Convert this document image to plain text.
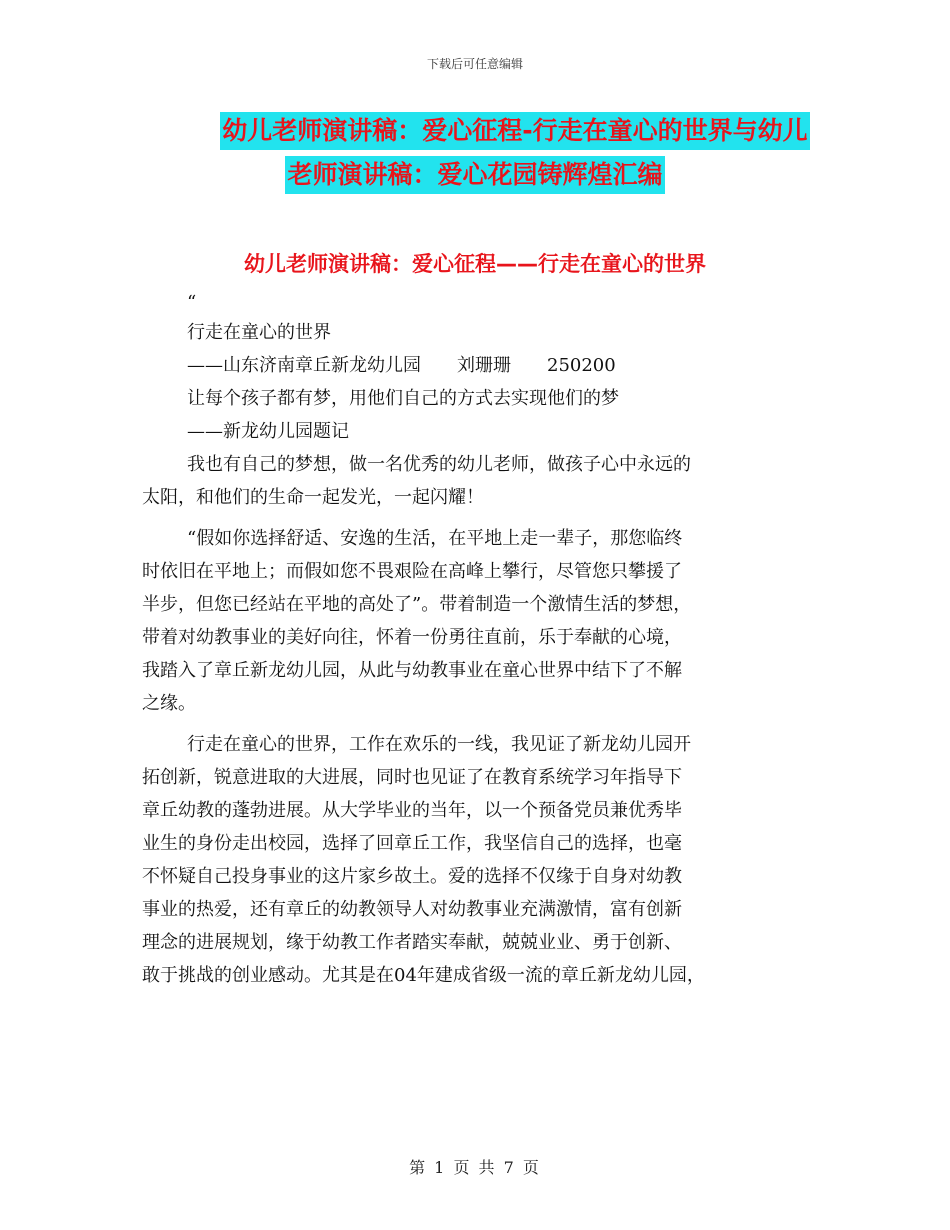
下载后可任意编辑
幼儿老师演讲稿：爱心征程-行走在童心的世界与幼儿
老师演讲稿：爱心花园铸辉煌汇编
幼儿老师演讲稿：爱心征程——行走在童心的世界
“
行走在童心的世界
——山东济南章丘新龙幼儿园　　刘珊珊　　250200
让每个孩子都有梦，用他们自己的方式去实现他们的梦
——新龙幼儿园题记
我也有自己的梦想，做一名优秀的幼儿老师，做孩子心中永远的
太阳，和他们的生命一起发光，一起闪耀！
“假如你选择舒适、安逸的生活，在平地上走一辈子，那您临终
时依旧在平地上；而假如您不畏艰险在高峰上攀行，尽管您只攀援了
半步，但您已经站在平地的高处了”。带着制造一个激情生活的梦想，
带着对幼教事业的美好向往，怀着一份勇往直前，乐于奉献的心境，
我踏入了章丘新龙幼儿园，从此与幼教事业在童心世界中结下了不解
之缘。
行走在童心的世界，工作在欢乐的一线，我见证了新龙幼儿园开
拓创新，锐意进取的大进展，同时也见证了在教育系统学习年指导下
章丘幼教的蓬勃进展。从大学毕业的当年，以一个预备党员兼优秀毕
业生的身份走出校园，选择了回章丘工作，我坚信自己的选择，也毫
不怀疑自己投身事业的这片家乡故土。爱的选择不仅缘于自身对幼教
事业的热爱，还有章丘的幼教领导人对幼教事业充满激情，富有创新
理念的进展规划，缘于幼教工作者踏实奉献，兢兢业业、勇于创新、
敢于挑战的创业感动。尤其是在04年建成省级一流的章丘新龙幼儿园，
第 1 页 共 7 页
